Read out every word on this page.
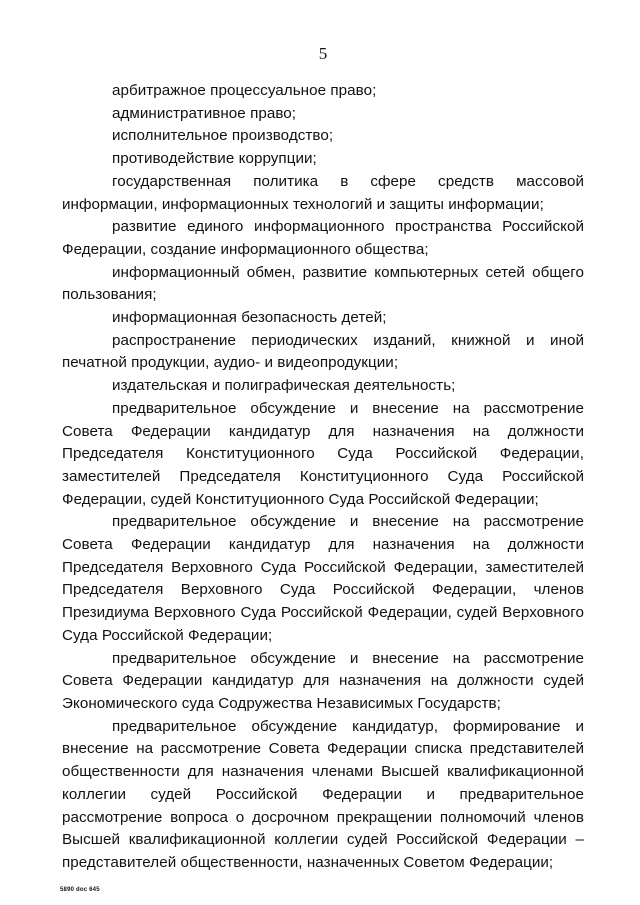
5

арбитражное процессуальное право;

административное право;

исполнительное производство;

противодействие коррупции;

государственная политика в сфере средств массовой информации, информационных технологий и защиты информации;

развитие единого информационного пространства Российской Федерации, создание информационного общества;

информационный обмен, развитие компьютерных сетей общего пользования;

информационная безопасность детей;

распространение периодических изданий, книжной и иной печатной продукции, аудио- и видеопродукции;

издательская и полиграфическая деятельность;

предварительное обсуждение и внесение на рассмотрение Совета Федерации кандидатур для назначения на должности Председателя Конституционного Суда Российской Федерации, заместителей Председателя Конституционного Суда Российской Федерации, судей Конституционного Суда Российской Федерации;

предварительное обсуждение и внесение на рассмотрение Совета Федерации кандидатур для назначения на должности Председателя Верховного Суда Российской Федерации, заместителей Председателя Верховного Суда Российской Федерации, членов Президиума Верховного Суда Российской Федерации, судей Верховного Суда Российской Федерации;

предварительное обсуждение и внесение на рассмотрение Совета Федерации кандидатур для назначения на должности судей Экономического суда Содружества Независимых Государств;

предварительное обсуждение кандидатур, формирование и внесение на рассмотрение Совета Федерации списка представителей общественности для назначения членами Высшей квалификационной коллегии судей Российской Федерации и предварительное рассмотрение вопроса о досрочном прекращении полномочий членов Высшей квалификационной коллегии судей Российской Федерации – представителей общественности, назначенных Советом Федерации;

5890 doc 645
